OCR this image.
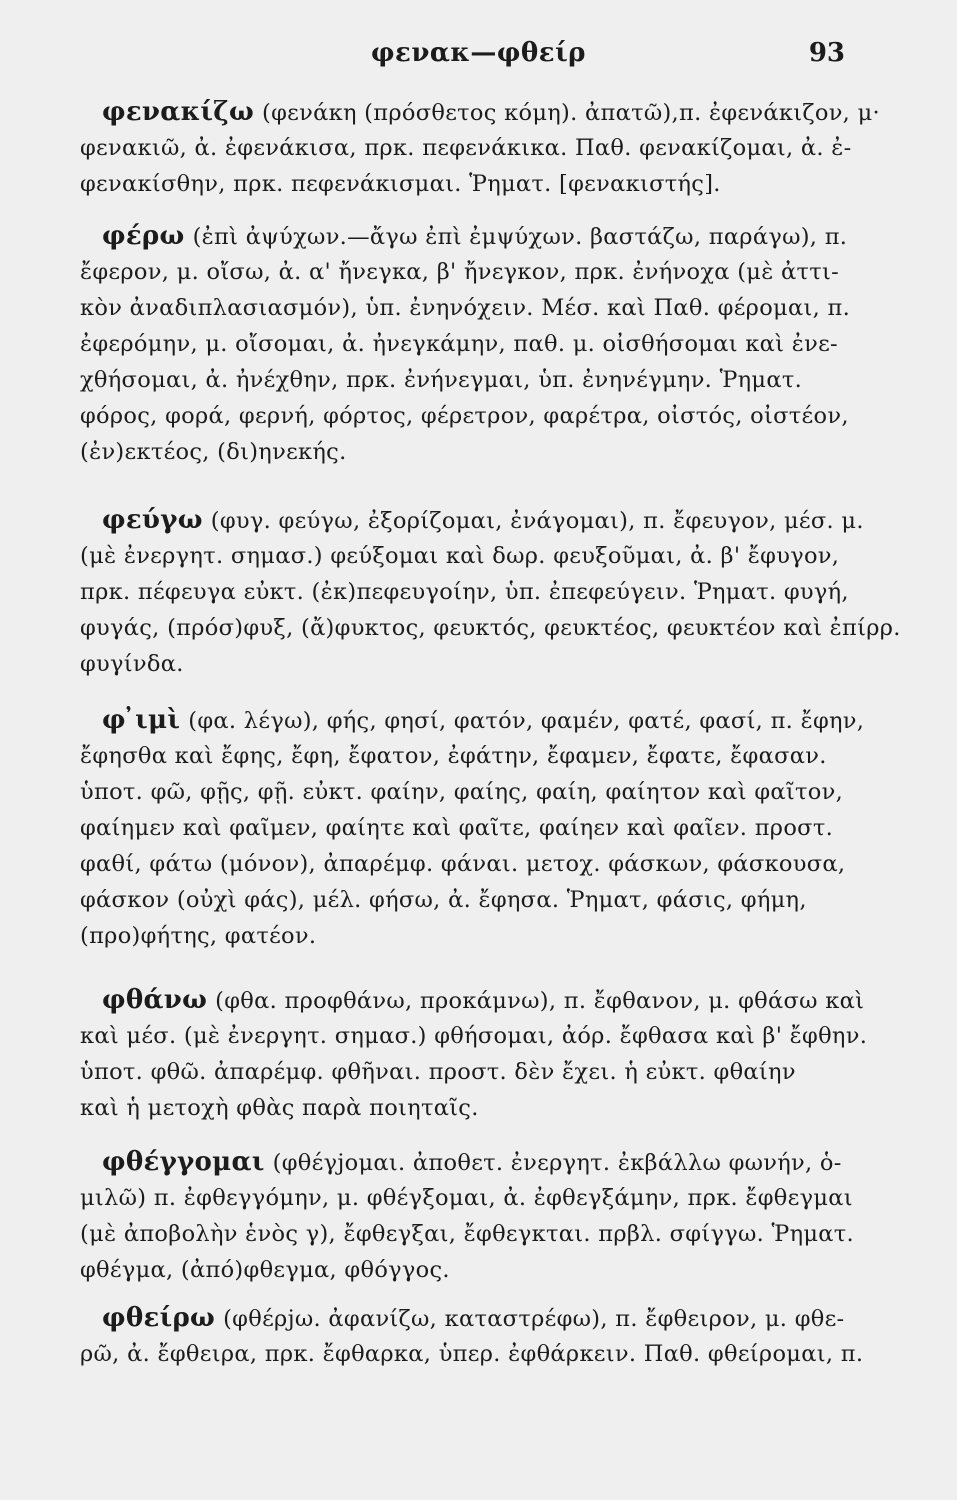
φενακ—φθείρ	93
φενακίζω (φενάκη (πρόσθετος κόμη). ἀπατῶ),π. ἐφενάκιζον, μ·
φενακιῶ, ἀ. ἐφενάκισα, πρκ. πεφενάκικα. Παθ. φενακίζομαι, ἀ. ἐ-
φενακίσθην, πρκ. πεφενάκισμαι. Ῥηματ. [φενακιστής].
φέρω (ἐπὶ ἀψύχων.—ἄγω ἐπὶ ἐμψύχων. βαστάζω, παράγω), π.
ἔφερον, μ. οἴσω, ἀ. α' ἤνεγκα, β' ἤνεγκον, πρκ. ἐνήνοχα (μὲ ἀττι-
κὸν ἀναδιπλασιασμόν), ὑπ. ἐνηνόχειν. Μέσ. καὶ Παθ. φέρομαι, π.
ἐφερόμην, μ. οἴσομαι, ἀ. ἠνεγκάμην, παθ. μ. οἰσθήσομαι καὶ ἐνε-
χθήσομαι, ἀ. ἠνέχθην, πρκ. ἐνήνεγμαι, ὑπ. ἐνηνέγμην. Ῥηματ.
φόρος, φορά, φερνή, φόρτος, φέρετρον, φαρέτρα, οἰστός, οἰστέον,
(ἐν)εκτέος, (δι)ηνεκής.
φεύγω (φυγ. φεύγω, ἐξορίζομαι, ἐνάγομαι), π. ἔφευγον, μέσ. μ.
(μὲ ἐνεργητ. σημασ.) φεύξομαι καὶ δωρ. φευξοῦμαι, ἀ. β' ἔφυγον,
πρκ. πέφευγα εὐκτ. (ἐκ)πεφευγοίην, ὑπ. ἐπεφεύγειν. Ῥηματ. φυγή,
φυγάς, (πρόσ)φυξ, (ἄ)φυκτος, φευκτός, φευκτέος, φευκτέον καὶ ἐπίρρ.
φυγίνδα.
φ ̓ιμὶ (φα. λέγω), φής, φησί, φατόν, φαμέν, φατέ, φασί, π. ἔφην,
ἔφησθα καὶ ἔφης, ἔφη, ἔφατον, ἐφάτην, ἔφαμεν, ἔφατε, ἔφασαν.
ὑποτ. φῶ, φῇς, φῇ. εὐκτ. φαίην, φαίης, φαίη, φαίητον καὶ φαῖτον,
φαίημεν καὶ φαῖμεν, φαίητε καὶ φαῖτε, φαίηεν καὶ φαῖεν. προστ.
φαθί, φάτω (μόνον), ἀπαρέμφ. φάναι. μετοχ. φάσκων, φάσκουσα,
φάσκον (οὐχὶ φάς), μέλ. φήσω, ἀ. ἔφησα. Ῥηματ, φάσις, φήμη,
(προ)φήτης, φατέον.
φθάνω (φθα. προφθάνω, προκάμνω), π. ἔφθανον, μ. φθάσω καὶ
καὶ μέσ. (μὲ ἐνεργητ. σημασ.) φθήσομαι, ἀόρ. ἔφθασα καὶ β' ἔφθην.
ὑποτ. φθῶ. ἀπαρέμφ. φθῆναι. προστ. δὲν ἔχει. ἡ εὐκτ. φθαίην
καὶ ἡ μετοχὴ φθὰς παρὰ ποιηταῖς.
φθέγγομαι (φθέγjομαι. ἀποθετ. ἐνεργητ. ἐκβάλλω φωνήν, ὁ-
μιλῶ) π. ἐφθεγγόμην, μ. φθέγξομαι, ἀ. ἐφθεγξάμην, πρκ. ἔφθεγμαι
(μὲ ἀποβολὴν ἑνὸς γ), ἔφθεγξαι, ἔφθεγκται. πρβλ. σφίγγω. Ῥηματ.
φθέγμα, (ἀπό)φθεγμα, φθόγγος.
φθείρω (φθέρjω. ἀφανίζω, καταστρέφω), π. ἔφθειρον, μ. φθε-
ρῶ, ἀ. ἔφθειρα, πρκ. ἔφθαρκα, ὑπερ. ἐφθάρκειν. Παθ. φθείρομαι, π.
